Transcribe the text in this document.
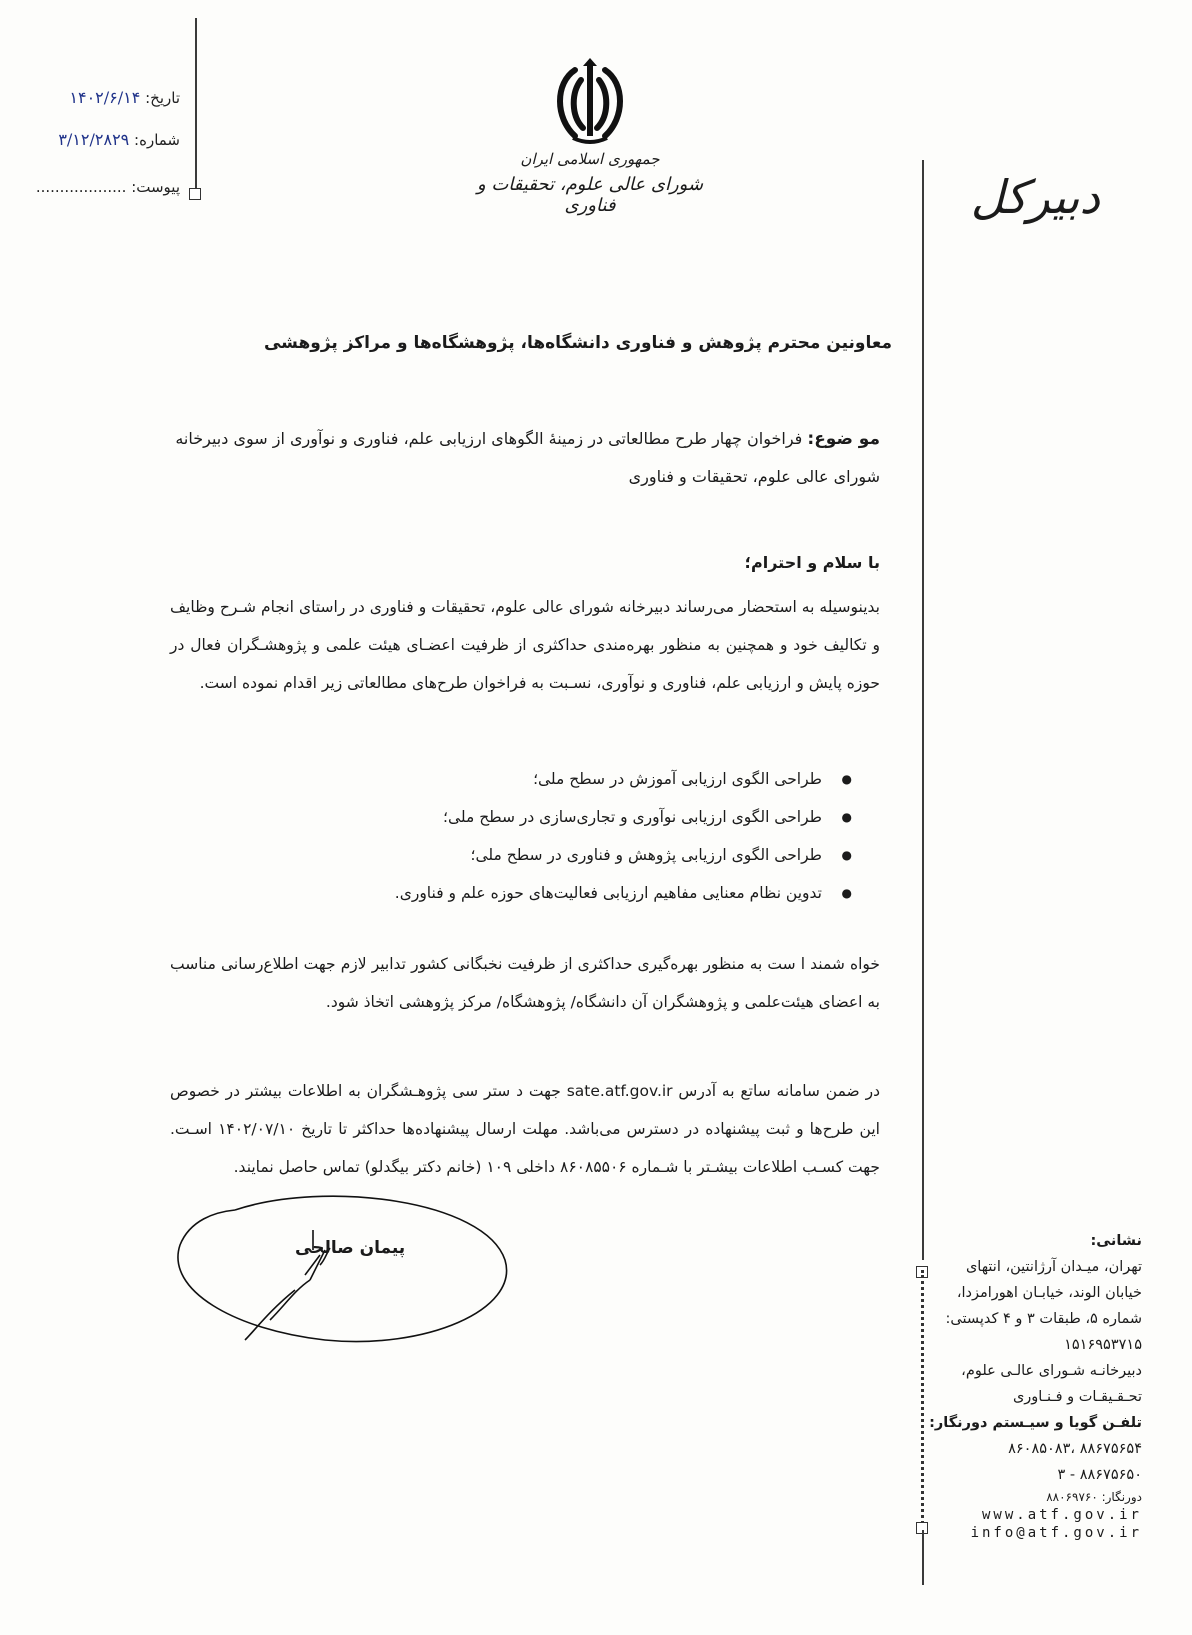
تاریخ: ۱۴۰۲/۶/۱۴
شماره: ۳/۱۲/۲۸۲۹
پیوست: ...................
جمهوری اسلامی ایران
شورای عالی علوم، تحقیقات و فناوری	دبیرکل
معاونین محترم پژوهش و فناوری دانشگاه‌ها، پژوهشگاه‌ها و مراکز پژوهشی
مو ضوع: فراخوان چهار طرح مطالعاتی در زمینهٔ الگوهای ارزیابی علم، فناوری و نوآوری از سوی دبیرخانه شورای عالی علوم، تحقیقات و فناوری
با سلام و احترام؛
بدینوسیله به استحضار می‌رساند دبیرخانه شورای عالی علوم، تحقیقات و فناوری در راستای انجام شـرح وظایف و تکالیف خود و همچنین به منظور بهره‌مندی حداکثری از ظرفیت اعضـای هیئت علمی و پژوهشـگران فعال در حوزه پایش و ارزیابی علم، فناوری و نوآوری، نسـبت به فراخوان طرح‌های مطالعاتی زیر اقدام نموده است.
● طراحی الگوی ارزیابی آموزش در سطح ملی؛
● طراحی الگوی ارزیابی نوآوری و تجاری‌سازی در سطح ملی؛
● طراحی الگوی ارزیابی پژوهش و فناوری در سطح ملی؛
● تدوین نظام معنایی مفاهیم ارزیابی فعالیت‌های حوزه علم و فناوری.
خواه شمند ا ست به منظور بهره‌گیری حداکثری از ظرفیت نخبگانی کشور تدابیر لازم جهت اطلاع‌رسانی مناسب به اعضای هیئت‌علمی و پژوهشگران آن دانشگاه/ پژوهشگاه/ مرکز پژوهشی اتخاذ شود.
در ضمن سامانه ساتع به آدرس sate.atf.gov.ir جهت د ستر سی پژوهـشگران به اطلاعات بیشتر در خصوص این طرح‌ها و ثبت پیشنهاده در دسترس می‌باشد. مهلت ارسال پیشنهاده‌ها حداکثر تا تاریخ ۱۴۰۲/۰۷/۱۰ اسـت. جهت کسـب اطلاعات بیشـتر با شـماره ۸۶۰۸۵۵۰۶ داخلی ۱۰۹ (خانم دکتر بیگدلو) تماس حاصل نمایند.
پیمان صالحی	نشانی:
تهران، میـدان آرژانتین، انتهای
خیابان الوند، خیابـان اهورامزدا،
شماره ۵، طبقات ۳ و ۴ کدپستی:
۱۵۱۶۹۵۳۷۱۵
دبیرخانـه شـورای عالـی علوم،
تحـقـیقـات و فـنـاوری
تلفـن گویا و سیـستم دورنگار:
۸۸۶۷۵۶۵۴ ،۸۶۰۸۵۰۸۳
۸۸۶۷۵۶۵۰ - ۳
دورنگار: ۸۸۰۶۹۷۶۰
www.atf.gov.ir
info@atf.gov.ir
